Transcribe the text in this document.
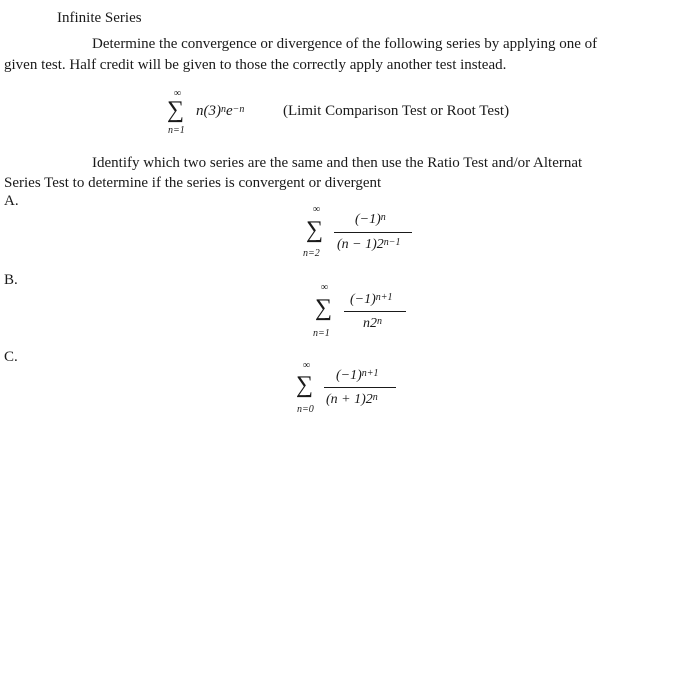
Infinite Series
Determine the convergence or divergence of the following series by applying one of
given test. Half credit will be given to those the correctly apply another test instead.
∞
∑
n=1
$n(3)^ne^{-n}$	(Limit Comparison Test or Root Test)
Identify which two series are the same and then use the Ratio Test and/or Alternat
Series Test to determine if the series is convergent or divergent
A.
∞
∑
n=2
$(-1)^n$
$(n - 1)2^{n-1}$
B.	∞
∑
n=1
$(-1)^{n+1}$
n2$^n$
C.
∞
∑
n=0
$(-1)^{n+1}$
$(n + 1)2^n$
